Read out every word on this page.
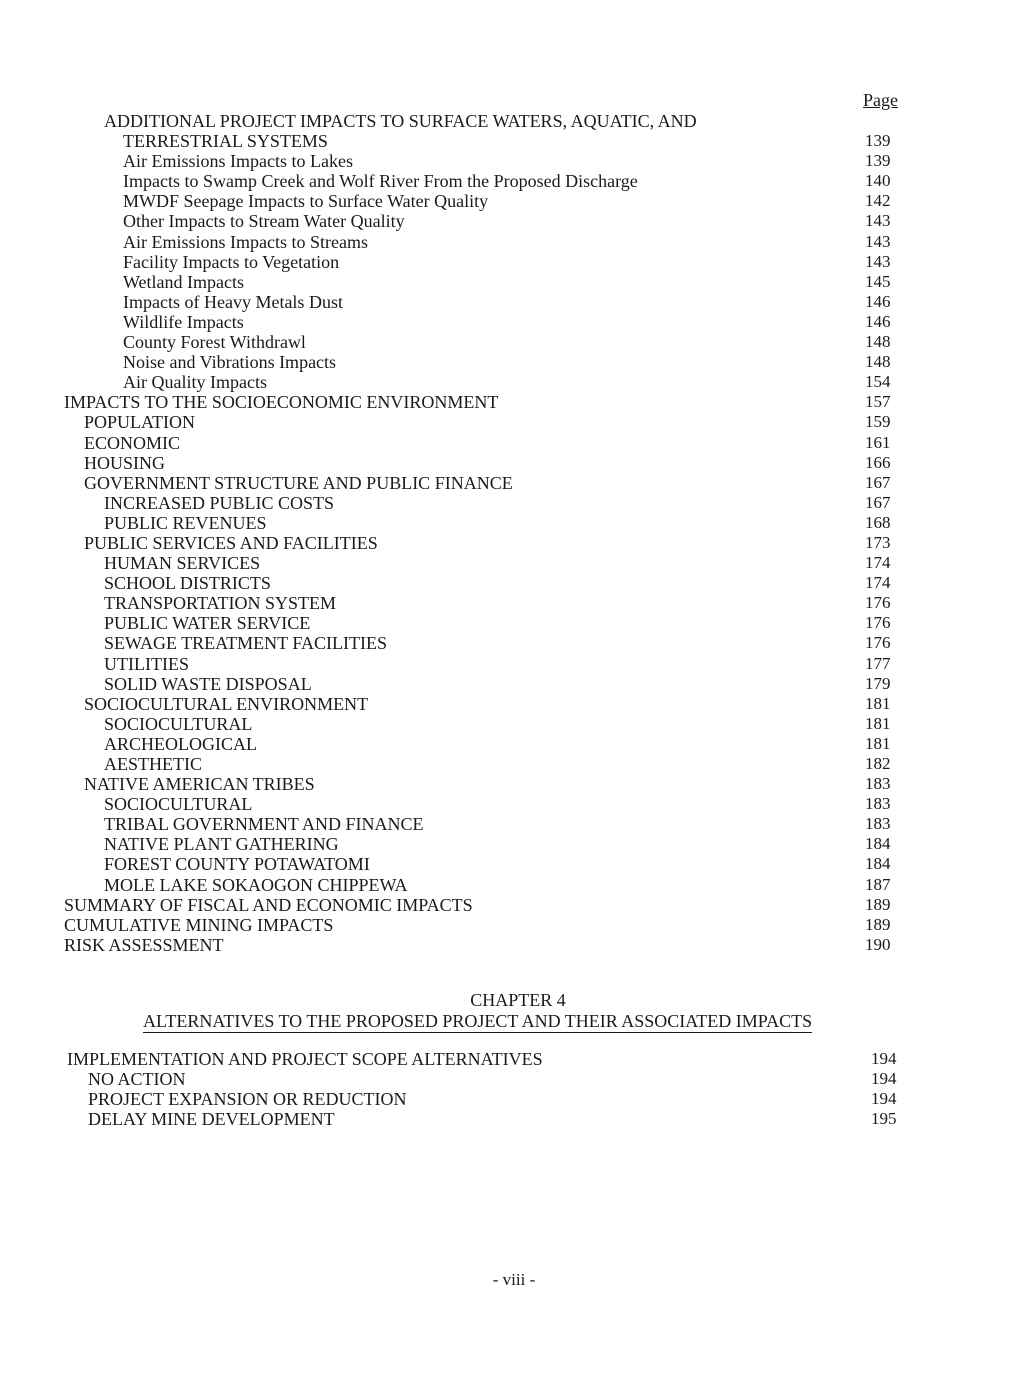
Page
ADDITIONAL PROJECT IMPACTS TO SURFACE WATERS, AQUATIC, AND
TERRESTRIAL SYSTEMS	139
Air Emissions Impacts to Lakes	139
Impacts to Swamp Creek and Wolf River From the Proposed Discharge	140
MWDF Seepage Impacts to Surface Water Quality	142
Other Impacts to Stream Water Quality	143
Air Emissions Impacts to Streams	143
Facility Impacts to Vegetation	143
Wetland Impacts	145
Impacts of Heavy Metals Dust	146
Wildlife Impacts	146
County Forest Withdrawl	148
Noise and Vibrations Impacts	148
Air Quality Impacts	154
IMPACTS TO THE SOCIOECONOMIC ENVIRONMENT	157
POPULATION	159
ECONOMIC	161
HOUSING	166
GOVERNMENT STRUCTURE AND PUBLIC FINANCE	167
INCREASED PUBLIC COSTS	167
PUBLIC REVENUES	168
PUBLIC SERVICES AND FACILITIES	173
HUMAN SERVICES	174
SCHOOL DISTRICTS	174
TRANSPORTATION SYSTEM	176
PUBLIC WATER SERVICE	176
SEWAGE TREATMENT FACILITIES	176
UTILITIES	177
SOLID WASTE DISPOSAL	179
SOCIOCULTURAL ENVIRONMENT	181
SOCIOCULTURAL	181
ARCHEOLOGICAL	181
AESTHETIC	182
NATIVE AMERICAN TRIBES	183
SOCIOCULTURAL	183
TRIBAL GOVERNMENT AND FINANCE	183
NATIVE PLANT GATHERING	184
FOREST COUNTY POTAWATOMI	184
MOLE LAKE SOKAOGON CHIPPEWA	187
SUMMARY OF FISCAL AND ECONOMIC IMPACTS	189
CUMULATIVE MINING IMPACTS	189
RISK ASSESSMENT	190
CHAPTER 4
ALTERNATIVES TO THE PROPOSED PROJECT AND THEIR ASSOCIATED IMPACTS
IMPLEMENTATION AND PROJECT SCOPE ALTERNATIVES	194
NO ACTION	194
PROJECT EXPANSION OR REDUCTION	194
DELAY MINE DEVELOPMENT	195
- viii -
